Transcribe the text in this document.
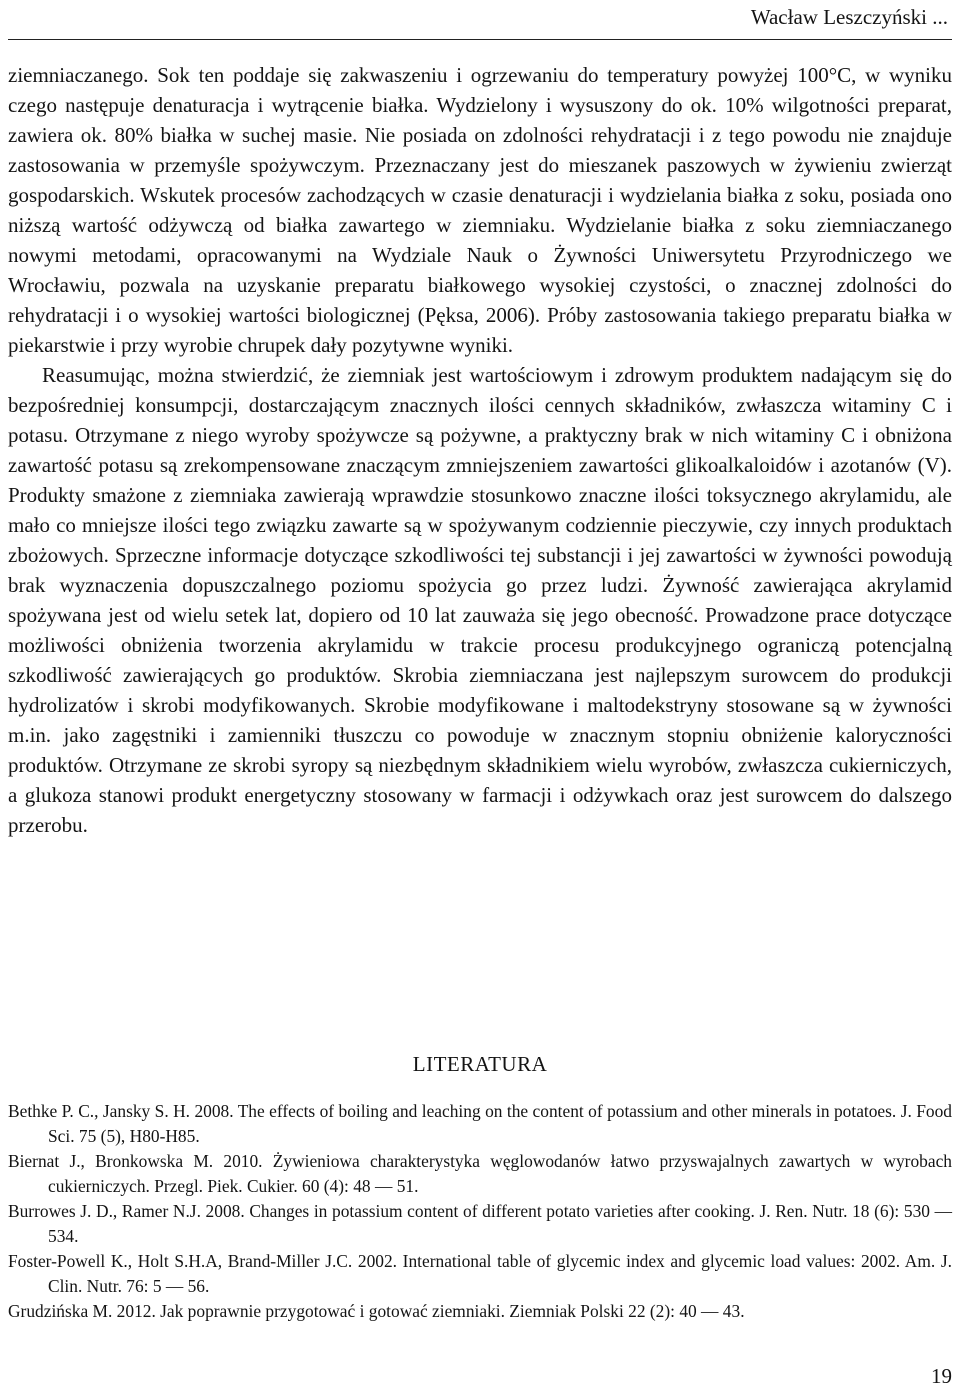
Wacław Leszczyński ...

ziemniaczanego. Sok ten poddaje się zakwaszeniu i ogrzewaniu do temperatury powyżej 100°C, w wyniku czego następuje denaturacja i wytrącenie białka. Wydzielony i wysuszony do ok. 10% wilgotności preparat, zawiera ok. 80% białka w suchej masie. Nie posiada on zdolności rehydratacji i z tego powodu nie znajduje zastosowania w przemyśle spożywczym. Przeznaczany jest do mieszanek paszowych w żywieniu zwierząt gospodarskich. Wskutek procesów zachodzących w czasie denaturacji i wydzielania białka z soku, posiada ono niższą wartość odżywczą od białka zawartego w ziemniaku. Wydzielanie białka z soku ziemniaczanego nowymi metodami, opracowanymi na Wydziale Nauk o Żywności Uniwersytetu Przyrodniczego we Wrocławiu, pozwala na uzyskanie preparatu białkowego wysokiej czystości, o znacznej zdolności do rehydratacji i o wysokiej wartości biologicznej (Pęksa, 2006). Próby zastosowania takiego preparatu białka w piekarstwie i przy wyrobie chrupek dały pozytywne wyniki.

Reasumując, można stwierdzić, że ziemniak jest wartościowym i zdrowym produktem nadającym się do bezpośredniej konsumpcji, dostarczającym znacznych ilości cennych składników, zwłaszcza witaminy C i potasu. Otrzymane z niego wyroby spożywcze są pożywne, a praktyczny brak w nich witaminy C i obniżona zawartość potasu są zrekompensowane znaczącym zmniejszeniem zawartości glikoalkaloidów i azotanów (V). Produkty smażone z ziemniaka zawierają wprawdzie stosunkowo znaczne ilości toksycznego akrylamidu, ale mało co mniejsze ilości tego związku zawarte są w spożywanym codziennie pieczywie, czy innych produktach zbożowych. Sprzeczne informacje dotyczące szkodliwości tej substancji i jej zawartości w żywności powodują brak wyznaczenia dopuszczalnego poziomu spożycia go przez ludzi. Żywność zawierająca akrylamid spożywana jest od wielu setek lat, dopiero od 10 lat zauważa się jego obecność. Prowadzone prace dotyczące możliwości obniżenia tworzenia akrylamidu w trakcie procesu produkcyjnego ograniczą potencjalną szkodliwość zawierających go produktów. Skrobia ziemniaczana jest najlepszym surowcem do produkcji hydrolizatów i skrobi modyfikowanych. Skrobie modyfikowane i maltodekstryny stosowane są w żywności m.in. jako zagęstniki i zamienniki tłuszczu co powoduje w znacznym stopniu obniżenie kaloryczności produktów. Otrzymane ze skrobi syropy są niezbędnym składnikiem wielu wyrobów, zwłaszcza cukierniczych, a glukoza stanowi produkt energetyczny stosowany w farmacji i odżywkach oraz jest surowcem do dalszego przerobu.

LITERATURA

Bethke P. C., Jansky S. H. 2008. The effects of boiling and leaching on the content of potassium and other minerals in potatoes. J. Food Sci. 75 (5), H80-H85.

Biernat J., Bronkowska M. 2010. Żywieniowa charakterystyka węglowodanów łatwo przyswajalnych zawartych w wyrobach cukierniczych. Przegl. Piek. Cukier. 60 (4): 48 — 51.

Burrowes J. D., Ramer N.J. 2008. Changes in potassium content of different potato varieties after cooking. J. Ren. Nutr. 18 (6): 530 — 534.

Foster-Powell K., Holt S.H.A, Brand-Miller J.C. 2002. International table of glycemic index and glycemic load values: 2002. Am. J. Clin. Nutr. 76: 5 — 56.

Grudzińska M. 2012. Jak poprawnie przygotować i gotować ziemniaki. Ziemniak Polski 22 (2): 40 — 43.

19
